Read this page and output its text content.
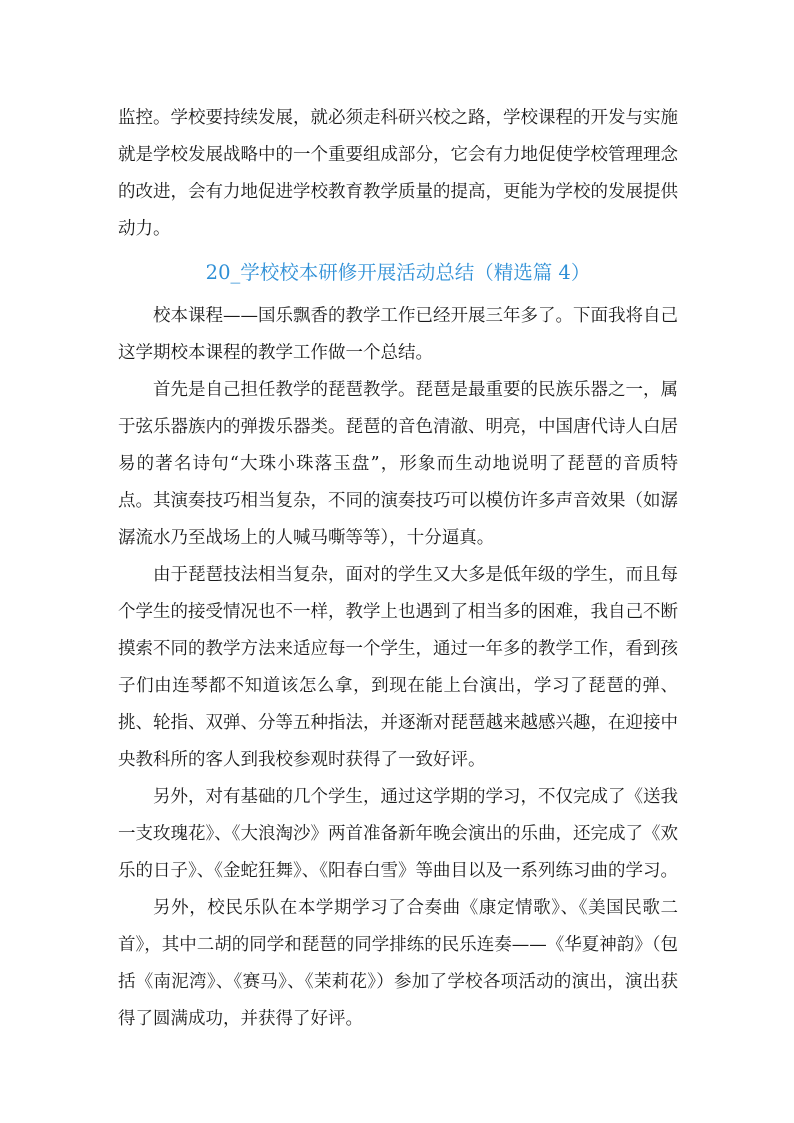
监控。学校要持续发展，就必须走科研兴校之路，学校课程的开发与实施就是学校发展战略中的一个重要组成部分，它会有力地促使学校管理理念的改进，会有力地促进学校教育教学质量的提高，更能为学校的发展提供动力。

20_学校校本研修开展活动总结（精选篇 4）

校本课程——国乐飘香的教学工作已经开展三年多了。下面我将自己这学期校本课程的教学工作做一个总结。

首先是自己担任教学的琵琶教学。琵琶是最重要的民族乐器之一，属于弦乐器族内的弹拨乐器类。琵琶的音色清澈、明亮，中国唐代诗人白居易的著名诗句“大珠小珠落玉盘”，形象而生动地说明了琵琶的音质特点。其演奏技巧相当复杂，不同的演奏技巧可以模仿许多声音效果（如潺潺流水乃至战场上的人喊马嘶等等），十分逼真。

由于琵琶技法相当复杂，面对的学生又大多是低年级的学生，而且每个学生的接受情况也不一样，教学上也遇到了相当多的困难，我自己不断摸索不同的教学方法来适应每一个学生，通过一年多的教学工作，看到孩子们由连琴都不知道该怎么拿，到现在能上台演出，学习了琵琶的弹、挑、轮指、双弹、分等五种指法，并逐渐对琵琶越来越感兴趣，在迎接中央教科所的客人到我校参观时获得了一致好评。

另外，对有基础的几个学生，通过这学期的学习，不仅完成了《送我一支玫瑰花》、《大浪淘沙》两首准备新年晚会演出的乐曲，还完成了《欢乐的日子》、《金蛇狂舞》、《阳春白雪》等曲目以及一系列练习曲的学习。

另外，校民乐队在本学期学习了合奏曲《康定情歌》、《美国民歌二首》，其中二胡的同学和琵琶的同学排练的民乐连奏——《华夏神韵》（包括《南泥湾》、《赛马》、《茉莉花》）参加了学校各项活动的演出，演出获得了圆满成功，并获得了好评。
